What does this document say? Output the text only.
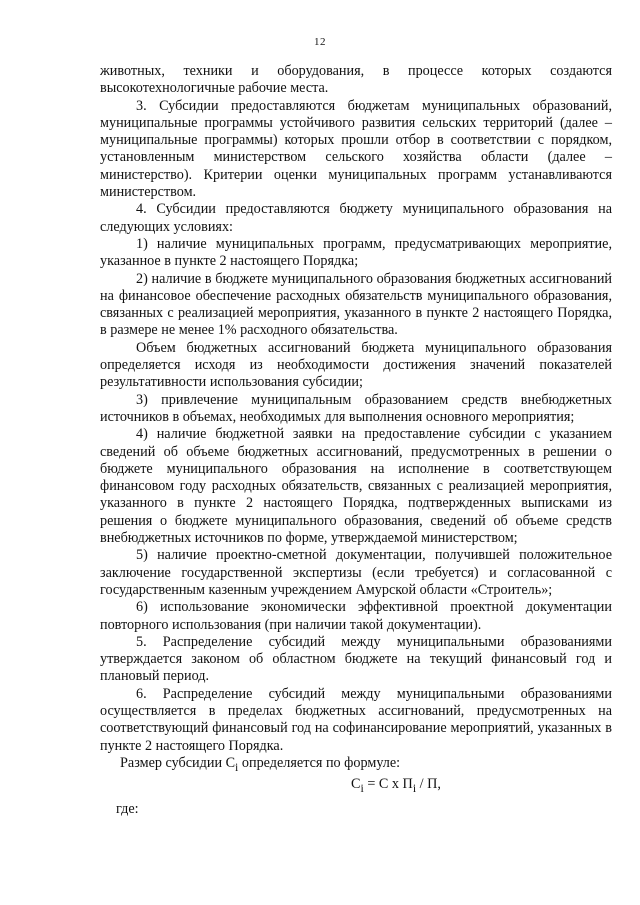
12

животных, техники и оборудования, в процессе которых создаются высокотехнологичные рабочие места.

3. Субсидии предоставляются бюджетам муниципальных образований, муниципальные программы устойчивого развития сельских территорий (далее – муниципальные программы) которых прошли отбор в соответствии с порядком, установленным министерством сельского хозяйства области (далее – министерство). Критерии оценки муниципальных программ устанавливаются министерством.

4. Субсидии предоставляются бюджету муниципального образования на следующих условиях:

1) наличие муниципальных программ, предусматривающих мероприятие, указанное в пункте 2 настоящего Порядка;

2) наличие в бюджете муниципального образования бюджетных ассигнований на финансовое обеспечение расходных обязательств муниципального образования, связанных с реализацией мероприятия, указанного в пункте 2 настоящего Порядка, в размере не менее 1% расходного обязательства.

Объем бюджетных ассигнований бюджета муниципального образования определяется исходя из необходимости достижения значений показателей результативности использования субсидии;

3) привлечение муниципальным образованием средств внебюджетных источников в объемах, необходимых для выполнения основного мероприятия;

4) наличие бюджетной заявки на предоставление субсидии с указанием сведений об объеме бюджетных ассигнований, предусмотренных в решении о бюджете муниципального образования на исполнение в соответствующем финансовом году расходных обязательств, связанных с реализацией мероприятия, указанного в пункте 2 настоящего Порядка, подтвержденных выписками из решения о бюджете муниципального образования, сведений об объеме средств внебюджетных источников по форме, утверждаемой министерством;

5) наличие проектно-сметной документации, получившей положительное заключение государственной экспертизы (если требуется) и согласованной с государственным казенным учреждением Амурской области «Строитель»;

6) использование экономически эффективной проектной документации повторного использования (при наличии такой документации).

5. Распределение субсидий между муниципальными образованиями утверждается законом об областном бюджете на текущий финансовый год и плановый период.

6. Распределение субсидий между муниципальными образованиями осуществляется в пределах бюджетных ассигнований, предусмотренных на соответствующий финансовый год на софинансирование мероприятий, указанных в пункте 2 настоящего Порядка.

Размер субсидии $С_i$ определяется по формуле:

$С_i = С$ х $П_i$ / П,

где:
